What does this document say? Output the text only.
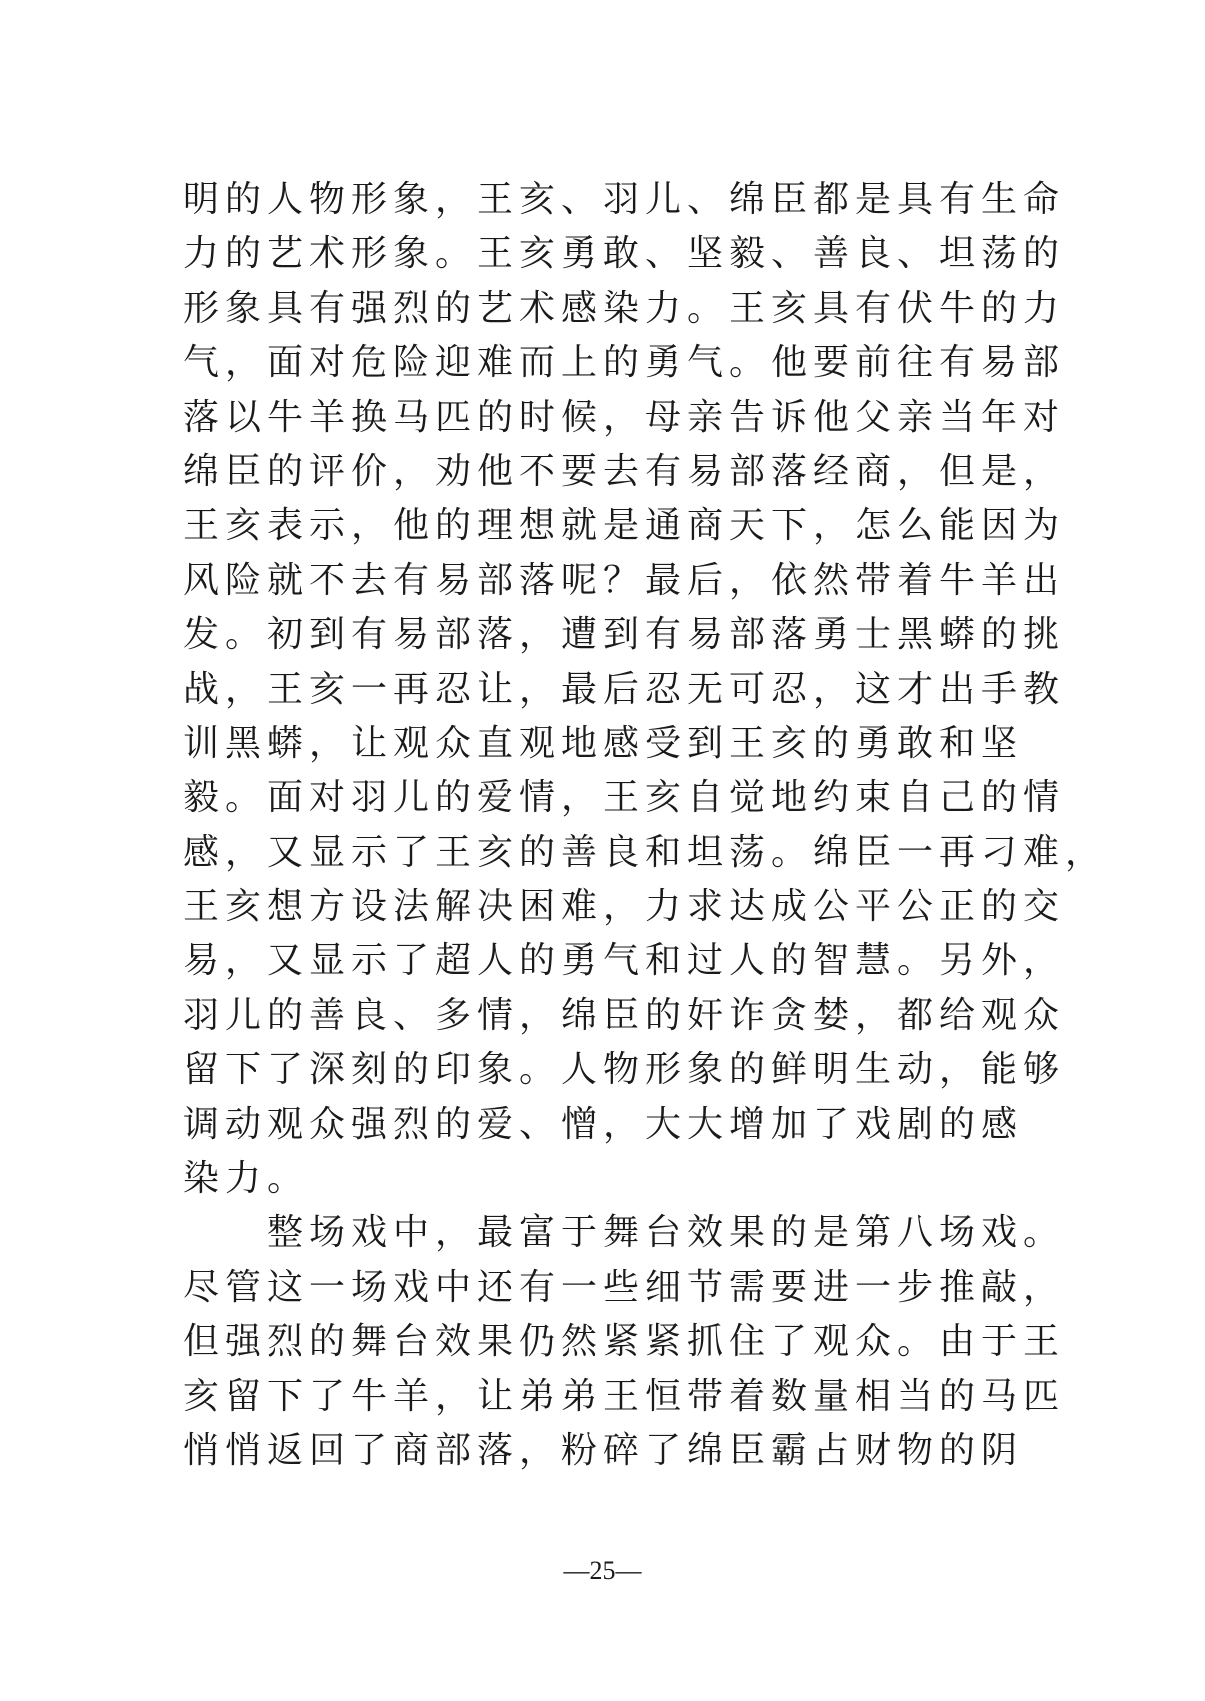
明的人物形象，王亥、羽儿、绵臣都是具有生命
力的艺术形象。王亥勇敢、坚毅、善良、坦荡的
形象具有强烈的艺术感染力。王亥具有伏牛的力
气，面对危险迎难而上的勇气。他要前往有易部
落以牛羊换马匹的时候，母亲告诉他父亲当年对
绵臣的评价，劝他不要去有易部落经商，但是，
王亥表示，他的理想就是通商天下，怎么能因为
风险就不去有易部落呢？最后，依然带着牛羊出
发。初到有易部落，遭到有易部落勇士黑蟒的挑
战，王亥一再忍让，最后忍无可忍，这才出手教
训黑蟒，让观众直观地感受到王亥的勇敢和坚
毅。面对羽儿的爱情，王亥自觉地约束自己的情
感，又显示了王亥的善良和坦荡。绵臣一再刁难，
王亥想方设法解决困难，力求达成公平公正的交
易，又显示了超人的勇气和过人的智慧。另外，
羽儿的善良、多情，绵臣的奸诈贪婪，都给观众
留下了深刻的印象。人物形象的鲜明生动，能够
调动观众强烈的爱、憎，大大增加了戏剧的感
染力。
　　整场戏中，最富于舞台效果的是第八场戏。
尽管这一场戏中还有一些细节需要进一步推敲，
但强烈的舞台效果仍然紧紧抓住了观众。由于王
亥留下了牛羊，让弟弟王恒带着数量相当的马匹
悄悄返回了商部落，粉碎了绵臣霸占财物的阴
—25—
